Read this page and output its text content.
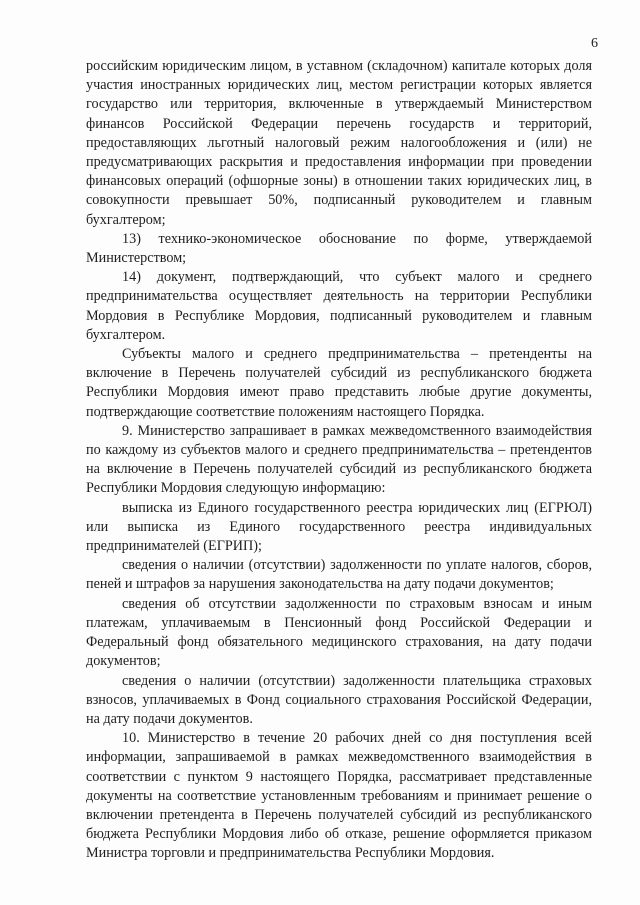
6

российским юридическим лицом, в уставном (складочном) капитале которых доля участия иностранных юридических лиц, местом регистрации которых является государство или территория, включенные в утверждаемый Министерством финансов Российской Федерации перечень государств и территорий, предоставляющих льготный налоговый режим налогообложения и (или) не предусматривающих раскрытия и предоставления информации при проведении финансовых операций (офшорные зоны) в отношении таких юридических лиц, в совокупности превышает 50%, подписанный руководителем и главным бухгалтером;

13) технико-экономическое обоснование по форме, утверждаемой Министерством;

14) документ, подтверждающий, что субъект малого и среднего предпринимательства осуществляет деятельность на территории Республики Мордовия в Республике Мордовия, подписанный руководителем и главным бухгалтером.

Субъекты малого и среднего предпринимательства – претенденты на включение в Перечень получателей субсидий из республиканского бюджета Республики Мордовия имеют право представить любые другие документы, подтверждающие соответствие положениям настоящего Порядка.

9. Министерство запрашивает в рамках межведомственного взаимодействия по каждому из субъектов малого и среднего предпринимательства – претендентов на включение в Перечень получателей субсидий из республиканского бюджета Республики Мордовия следующую информацию:

выписка из Единого государственного реестра юридических лиц (ЕГРЮЛ) или выписка из Единого государственного реестра индивидуальных предпринимателей (ЕГРИП);

сведения о наличии (отсутствии) задолженности по уплате налогов, сборов, пеней и штрафов за нарушения законодательства на дату подачи документов;

сведения об отсутствии задолженности по страховым взносам и иным платежам, уплачиваемым в Пенсионный фонд Российской Федерации и Федеральный фонд обязательного медицинского страхования, на дату подачи документов;

сведения о наличии (отсутствии) задолженности плательщика страховых взносов, уплачиваемых в Фонд социального страхования Российской Федерации, на дату подачи документов.

10. Министерство в течение 20 рабочих дней со дня поступления всей информации, запрашиваемой в рамках межведомственного взаимодействия в соответствии с пунктом 9 настоящего Порядка, рассматривает представленные документы на соответствие установленным требованиям и принимает решение о включении претендента в Перечень получателей субсидий из республиканского бюджета Республики Мордовия либо об отказе, решение оформляется приказом Министра торговли и предпринимательства Республики Мордовия.
